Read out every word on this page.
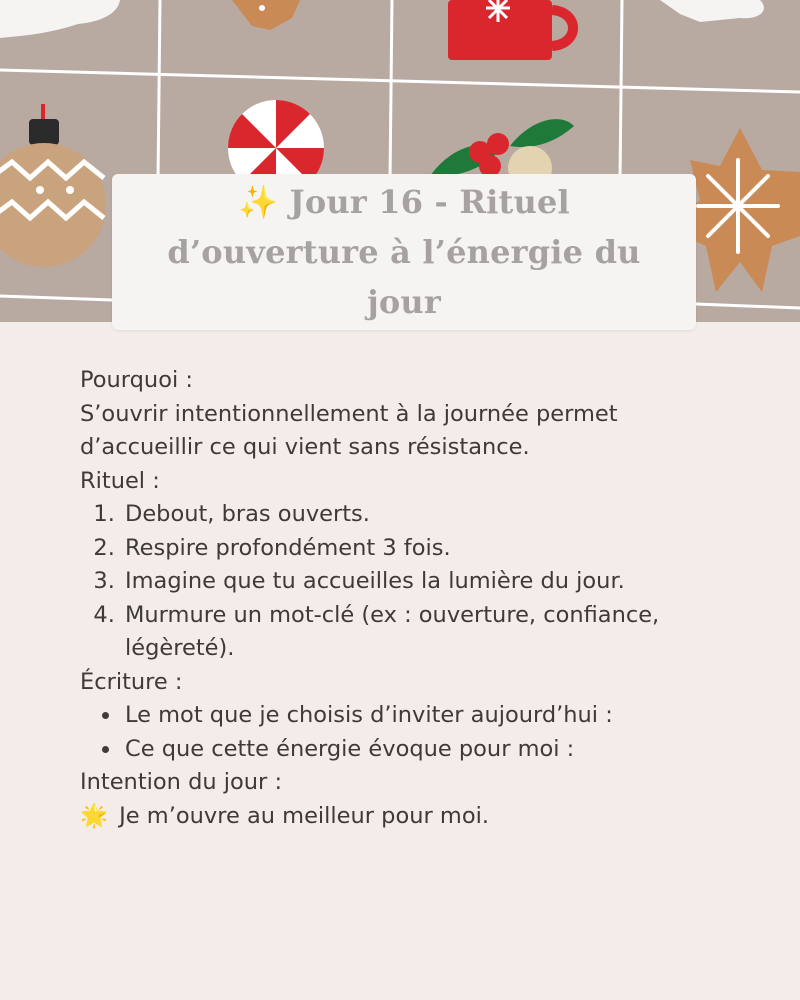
✨ Jour 16 - Rituel d’ouverture à l’énergie du jour

Pourquoi :

S’ouvrir intentionnellement à la journée permet d’accueillir ce qui vient sans résistance.

Rituel :

1. Debout, bras ouverts.
2. Respire profondément 3 fois.
3. Imagine que tu accueilles la lumière du jour.
4. Murmure un mot-clé (ex : ouverture, confiance, légèreté).

Écriture :

• Le mot que je choisis d’inviter aujourd’hui :
• Ce que cette énergie évoque pour moi :

Intention du jour :

🌟 Je m’ouvre au meilleur pour moi.
